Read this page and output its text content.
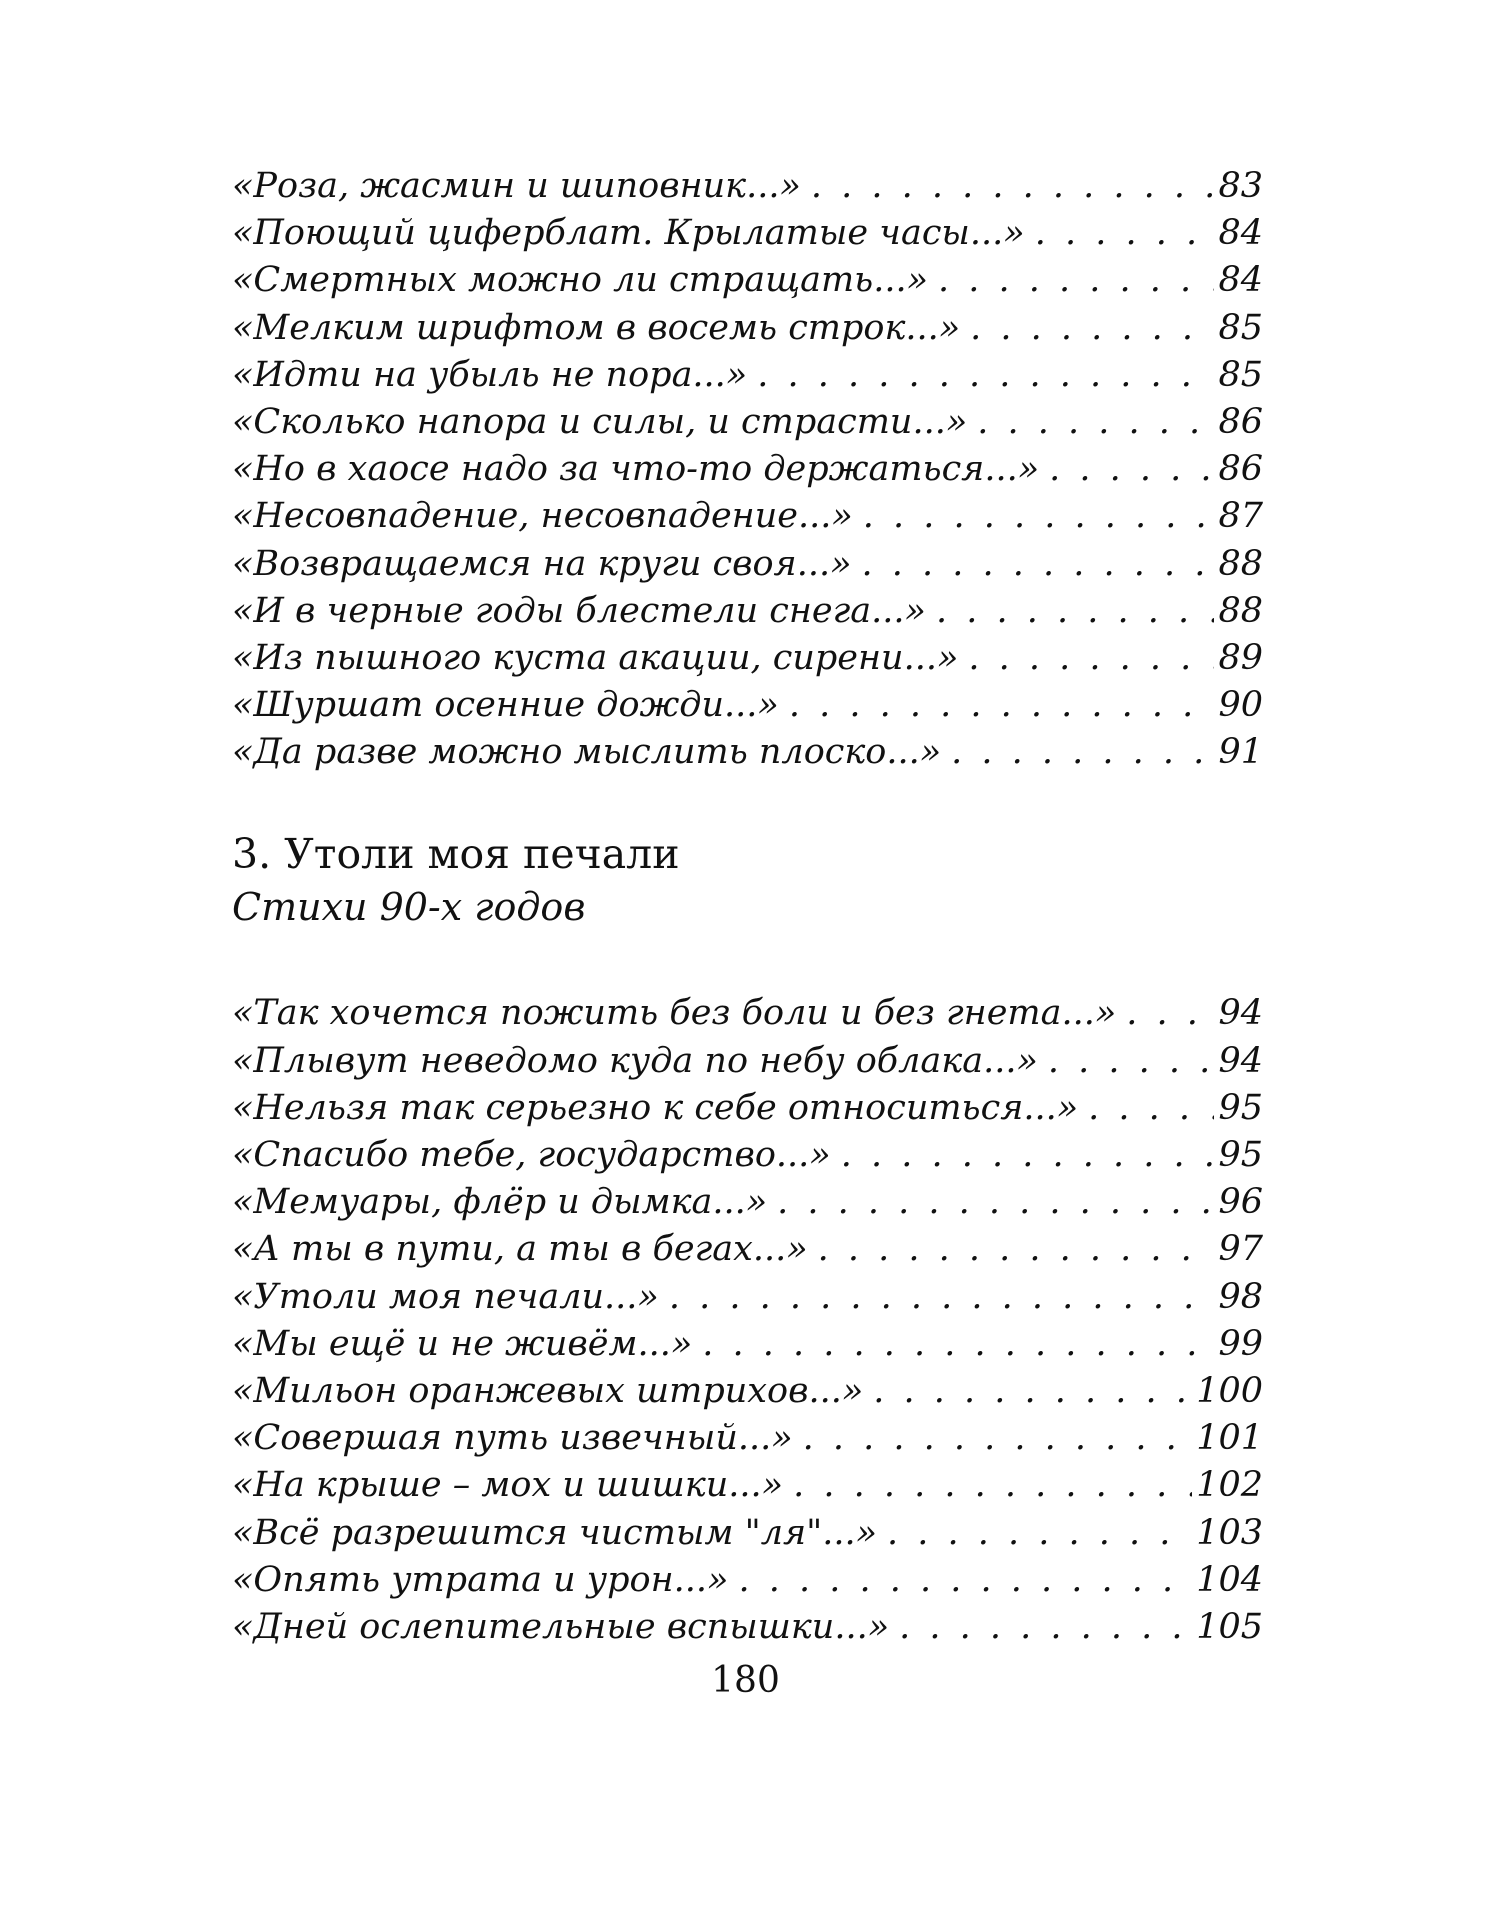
«Роза, жасмин и шиповник...» . . .	83
«Поющий циферблат. Крылатые часы...» . . .	84
«Смертных можно ли стращать...» . . .	84
«Мелким шрифтом в восемь строк...» . . .	85
«Идти на убыль не пора...» . . .	85
«Сколько напора и силы, и страсти...» . . .	86
«Но в хаосе надо за что-то держаться...» . . .	86
«Несовпадение, несовпадение...» . . .	87
«Возвращаемся на круги своя...» . . .	88
«И в черные годы блестели снега...» . . .	88
«Из пышного куста акации, сирени...» . . .	89
«Шуршат осенние дожди...» . . .	90
«Да разве можно мыслить плоско...» . . .	91
3. Утоли моя печали
Стихи 90-х годов
«Так хочется пожить без боли и без гнета...» . . .	94
«Плывут неведомо куда по небу облака...» . . .	94
«Нельзя так серьезно к себе относиться...» . . .	95
«Спасибо тебе, государство...» . . .	95
«Мемуары, флёр и дымка...» . . .	96
«А ты в пути, а ты в бегах...» . . .	97
«Утоли моя печали...» . . .	98
«Мы ещё и не живём...» . . .	99
«Мильон оранжевых штрихов...» . . .	100
«Совершая путь извечный...» . . .	101
«На крыше – мох и шишки...» . . .	102
«Всё разрешится чистым "ля"...» . . .	103
«Опять утрата и урон...» . . .	104
«Дней ослепительные вспышки...» . . .	105
180
